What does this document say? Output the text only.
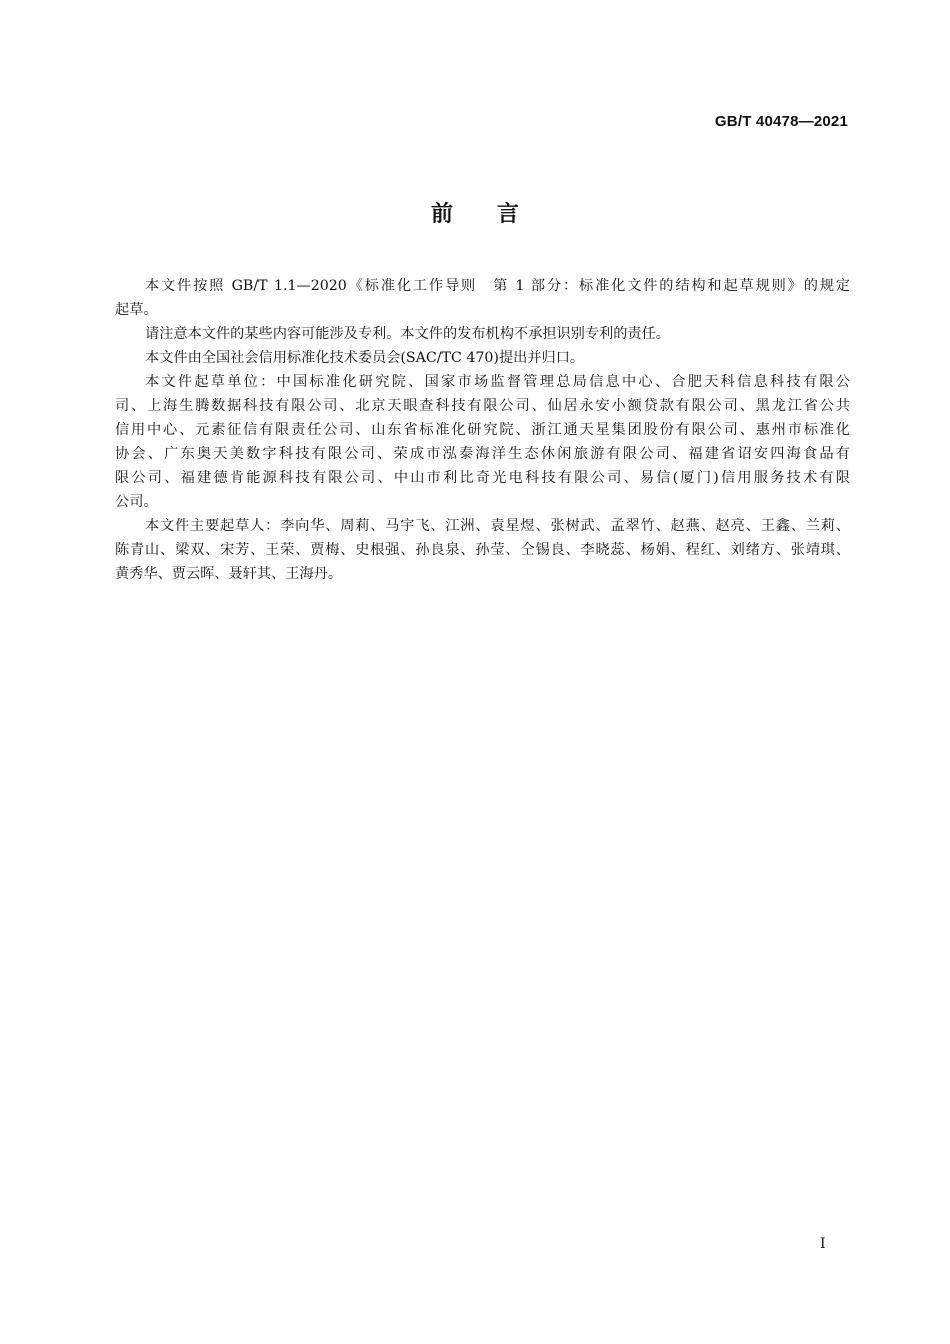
GB/T 40478—2021
前　　言
本文件按照 GB/T 1.1—2020《标准化工作导则　第 1 部分：标准化文件的结构和起草规则》的规定
起草。
请注意本文件的某些内容可能涉及专利。本文件的发布机构不承担识别专利的责任。
本文件由全国社会信用标准化技术委员会(SAC/TC 470)提出并归口。
本文件起草单位：中国标准化研究院、国家市场监督管理总局信息中心、合肥天科信息科技有限公
司、上海生腾数据科技有限公司、北京天眼查科技有限公司、仙居永安小额贷款有限公司、黑龙江省公共
信用中心、元素征信有限责任公司、山东省标准化研究院、浙江通天星集团股份有限公司、惠州市标准化
协会、广东奥天美数字科技有限公司、荣成市泓泰海洋生态休闲旅游有限公司、福建省诏安四海食品有
限公司、福建德肯能源科技有限公司、中山市利比奇光电科技有限公司、易信(厦门)信用服务技术有限
公司。
本文件主要起草人：李向华、周莉、马宇飞、江洲、袁星煜、张树武、孟翠竹、赵燕、赵亮、王鑫、兰莉、
陈青山、梁双、宋芳、王荣、贾梅、史根强、孙良泉、孙莹、仝锡良、李晓蕊、杨娟、程红、刘绪方、张靖琪、
黄秀华、贾云晖、聂轩其、王海丹。
I
